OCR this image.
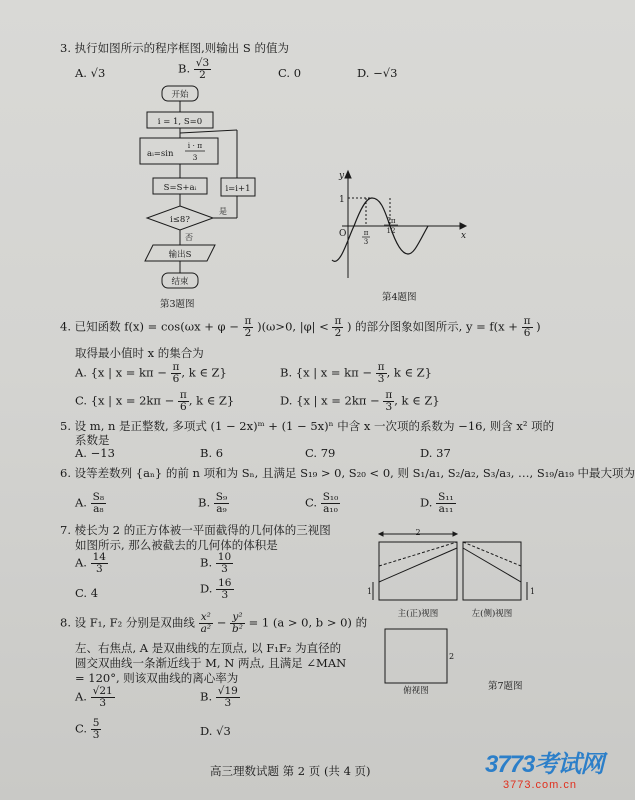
3. 执行如图所示的程序框图,则输出 S 的值为
A. √3	B. $\frac{√3}{2}$	C. 0	D. −√3
开始
i = 1, S=0
aᵢ=sin
i · π
3
S=S+aᵢ	i=i+1
i≤8?
是
否
输出S
结束
第3题图
y
x
O
1
π
3
7π
12
第4题图
4. 已知函数 $f(x) = \cos(\omega x + \varphi - \frac{\pi}{2} )(\omega>0$, $|\varphi| < \frac{\pi}{2}$ ) 的部分图象如图所示, $y = f(x + \frac{\pi}{6}$ )
取得最小值时 x 的集合为
A. {x | $x = k\pi - \frac{\pi}{6}$ , k ∈ Z}	B. {x | $x = k\pi - \frac{\pi}{3}$ , k ∈ Z}
C. {x | $x = 2k\pi - \frac{\pi}{6}$ , k ∈ Z}	D. {x | $x = 2k\pi - \frac{\pi}{3}$ , k ∈ Z}
5. 设 m, n 是正整数, 多项式 (1 − 2x)ᵐ + (1 − 5x)ⁿ 中含 x 一次项的系数为 −16, 则含 x² 项的
系数是
A. −13	B. 6	C. 79	D. 37
6. 设等差数列 {aₙ} 的前 n 项和为 Sₙ, 且满足 S₁₉ > 0, S₂₀ < 0, 则 S₁/a₁, S₂/a₂, S₃/a₃, …, S₁₉/a₁₉ 中最大项为
A. $\frac{\text{S₈}}{\text{a₈}}$	B. $\frac{\text{S₉}}{\text{a₉}}$	C. $\frac{\text{S₁₀}}{\text{a₁₀}}$	D. $\frac{\text{S₁₁}}{\text{a₁₁}}$
7. 棱长为 2 的正方体被一平面截得的几何体的三视图
如图所示, 那么被截去的几何体的体积是
A. $\frac{14}{3}$	B. $\frac{10}{3}$
C. 4	D. $\frac{16}{3}$
2
1	1
主(正)视图	左(侧)视图
2
俯视图	第7题图
8. 设 F₁, F₂ 分别是双曲线 $\frac{\text{x²}}{\text{a²}} - \frac{\text{y²}}{\text{b²}} = 1$ (a > 0, b > 0) 的
左、右焦点, A 是双曲线的左顶点, 以 F₁F₂ 为直径的
圆交双曲线一条渐近线于 M, N 两点, 且满足 ∠MAN
= 120°, 则该双曲线的离心率为
A. $\frac{√21}{3}$	B. $\frac{√19}{3}$
C. $\frac{5}{3}$	D. √3
高三理数试题 第 2 页 (共 4 页)	3773考试网
3773.com.cn
